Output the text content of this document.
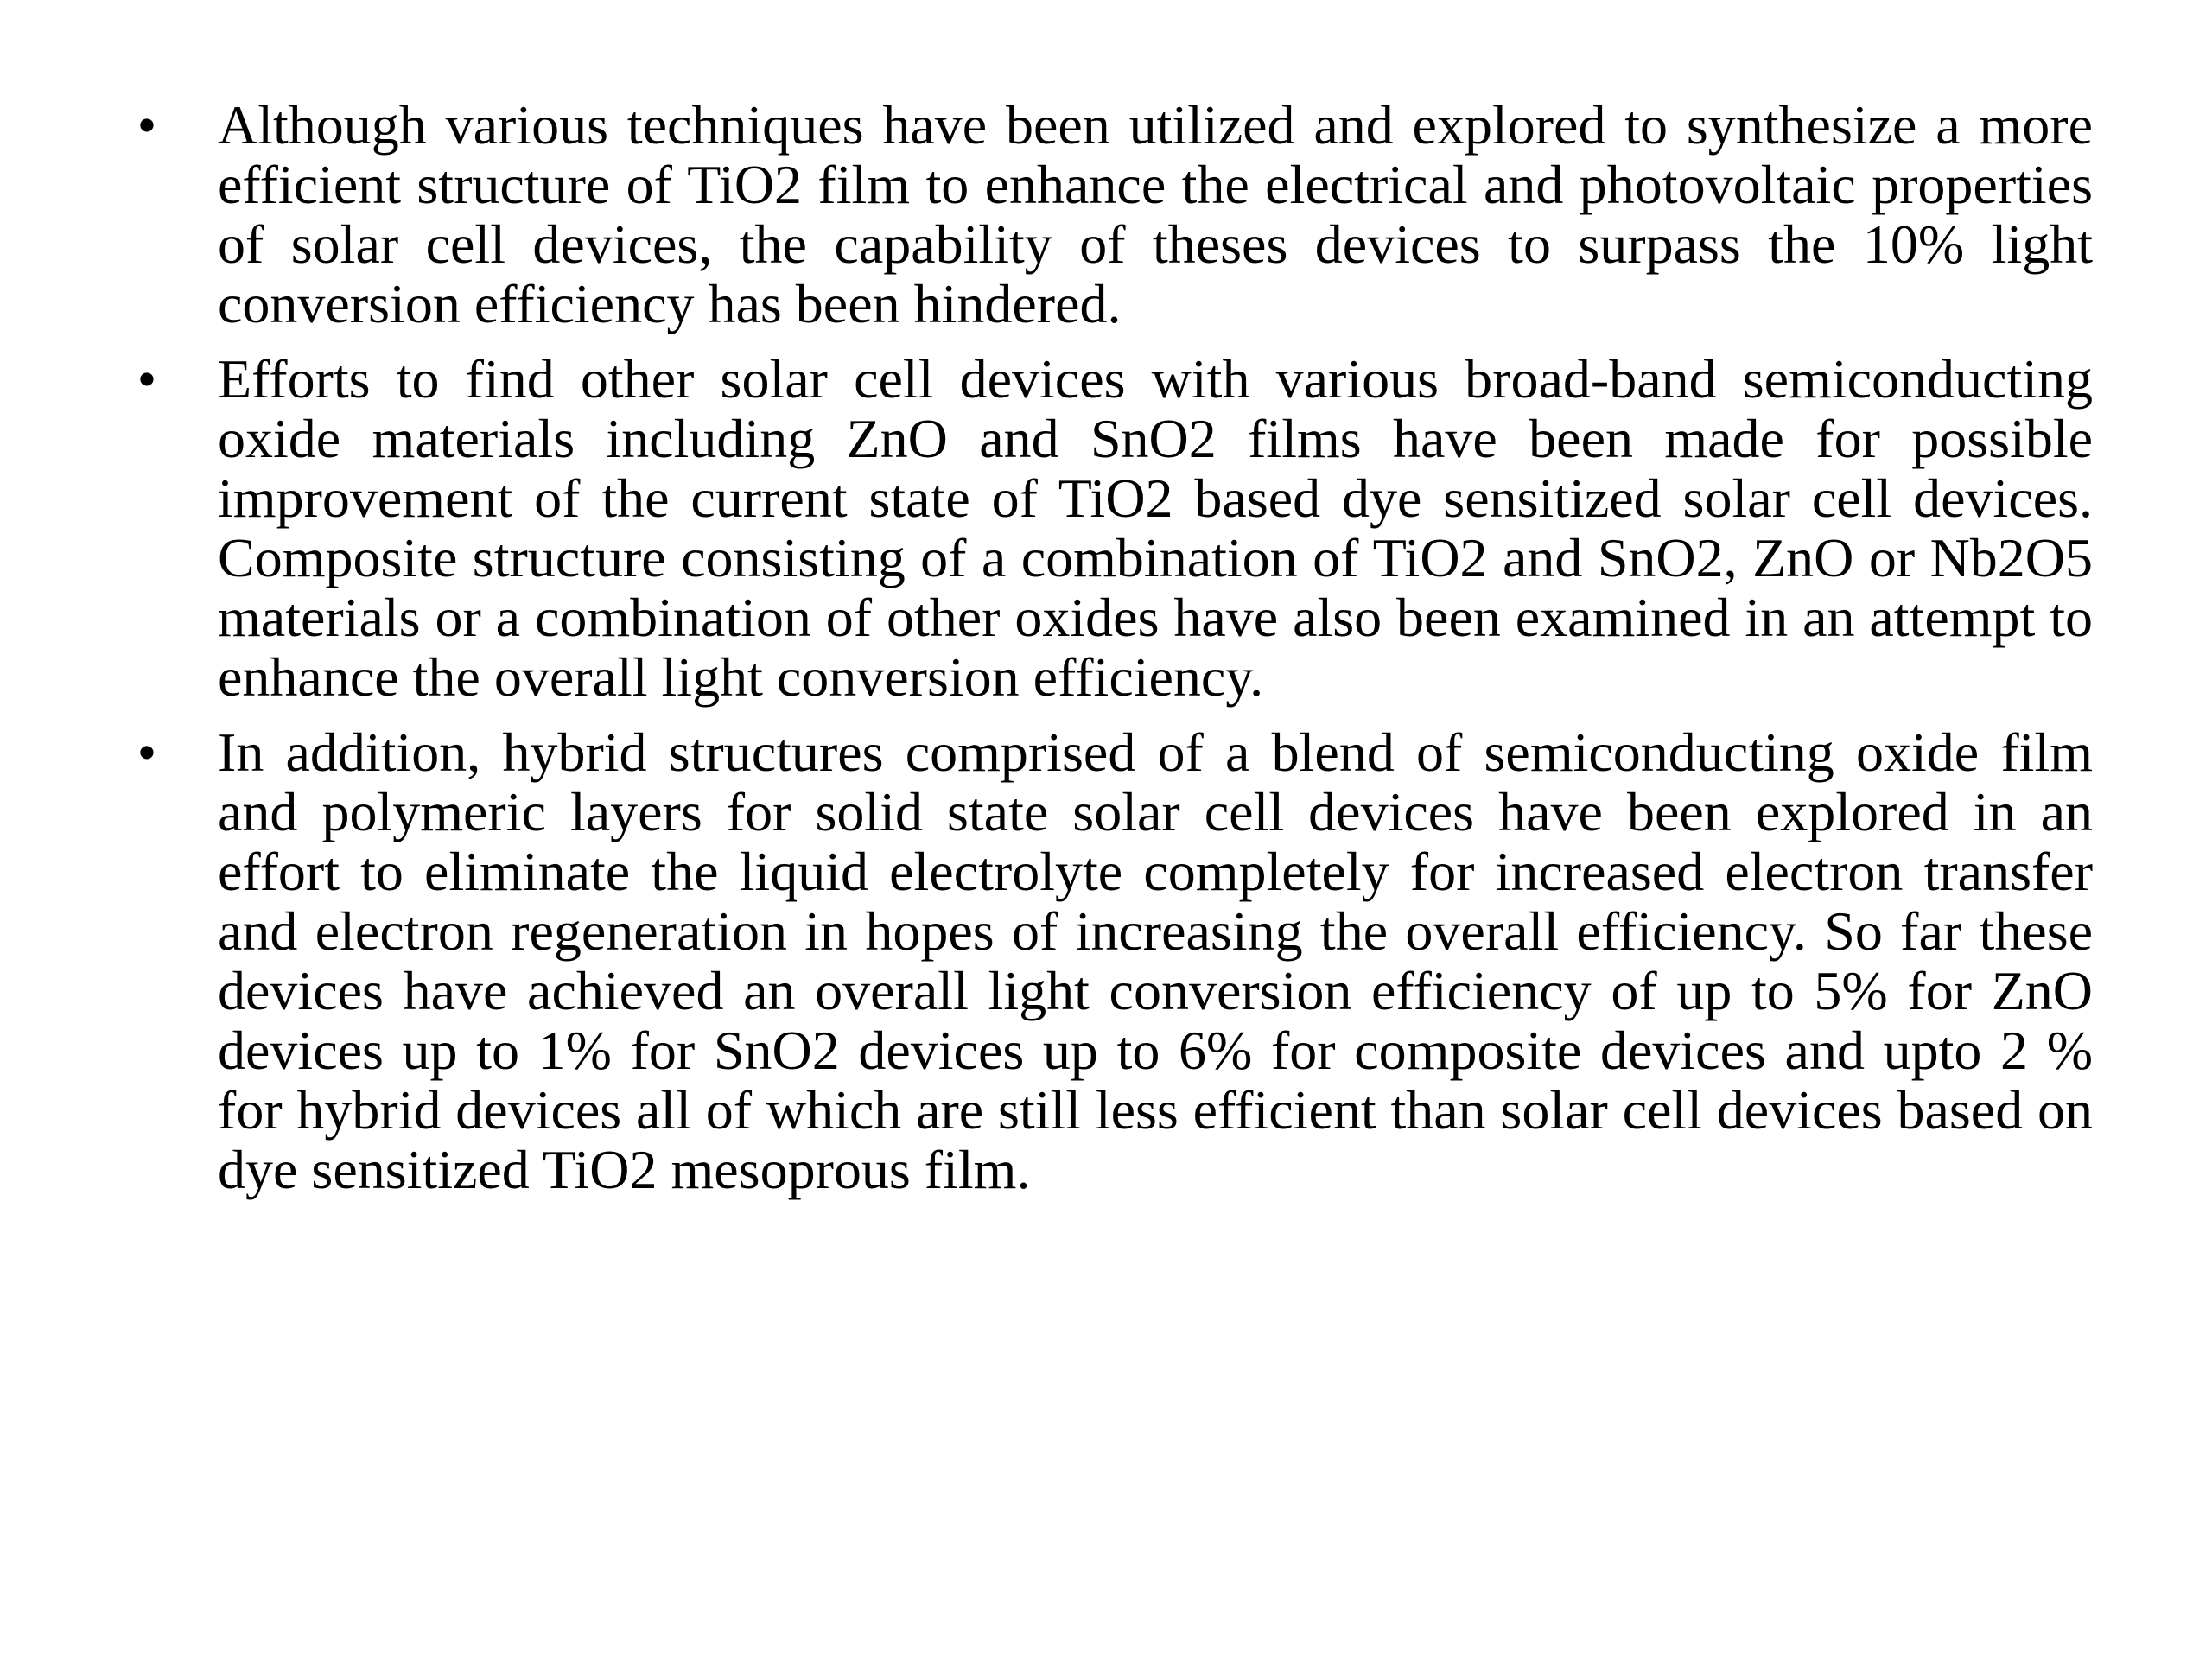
• Although various techniques have been utilized and explored to synthesize a more efficient structure of TiO2 film to enhance the electrical and photovoltaic properties of solar cell devices, the capability of theses devices to surpass the 10% light conversion efficiency has been hindered.
• Efforts to find other solar cell devices with various broad-band semiconducting oxide materials including ZnO and SnO2 films have been made for possible improvement of the current state of TiO2 based dye sensitized solar cell devices. Composite structure consisting of a combination of TiO2 and SnO2, ZnO or Nb2O5 materials or a combination of other oxides have also been examined in an attempt to enhance the overall light conversion efficiency.
• In addition, hybrid structures comprised of a blend of semiconducting oxide film and polymeric layers for solid state solar cell devices have been explored in an effort to eliminate the liquid electrolyte completely for increased electron transfer and electron regeneration in hopes of increasing the overall efficiency. So far these devices have achieved an overall light conversion efficiency of up to 5% for ZnO devices up to 1% for SnO2 devices up to 6% for composite devices and upto 2 % for hybrid devices all of which are still less efficient than solar cell devices based on dye sensitized TiO2 mesoprous film.
